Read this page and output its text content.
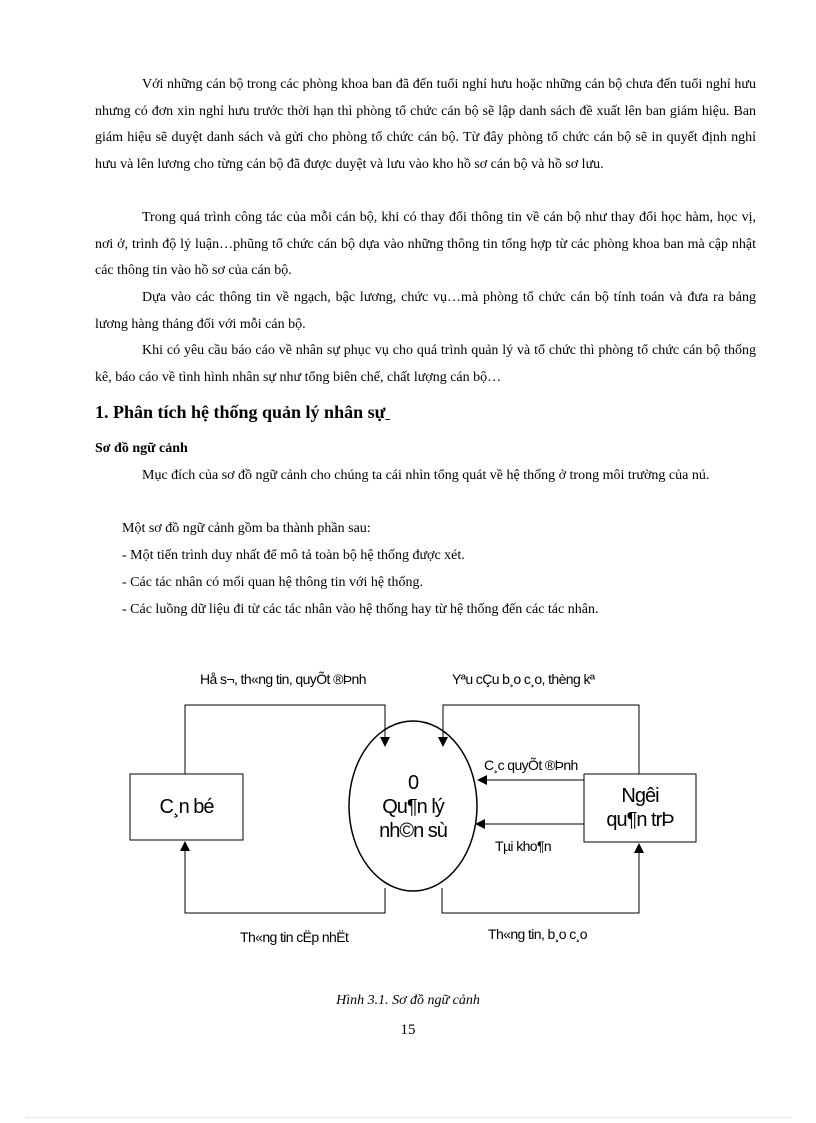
Với những cán bộ trong các phòng khoa ban đã đến tuổi nghỉ hưu hoặc những cán bộ chưa đến tuổi nghỉ hưu nhưng có đơn xin nghỉ hưu trước thời hạn thì phòng tổ chức cán bộ sẽ lập danh sách đề xuất lên ban giám hiệu. Ban giám hiệu sẽ duyệt danh sách và gửi cho phòng tổ chức cán bộ. Từ đây phòng tổ chức cán bộ sẽ in quyết định nghỉ hưu và lên lương cho từng cán bộ đã được duyệt và lưu vào kho hồ sơ cán bộ và hồ sơ lưu.

Trong quá trình công tác của mỗi cán bộ, khi có thay đổi thông tin về cán bộ như thay đổi học hàm, học vị, nơi ở, trình độ lý luận…phũng tổ chức cán bộ dựa vào những thông tin tổng hợp từ các phòng khoa ban mà cập nhật các thông tin vào hồ sơ của cán bộ.

Dựa vào các thông tin về ngạch, bậc lương, chức vụ…mà phòng tổ chức cán bộ tính toán và đưa ra bảng lương hàng tháng đối với mỗi cán bộ.

Khi có yêu cầu báo cáo về nhân sự phục vụ cho quá trình quản lý và tổ chức thì phòng tổ chức cán bộ thống kê, báo cáo về tình hình nhân sự như tổng biên chế, chất lượng cán bộ…

1. Phân tích hệ thống quản lý nhân sự

Sơ đồ ngữ cảnh

Mục đích của sơ đồ ngữ cảnh cho chúng ta cái nhìn tổng quát về hệ thống ở trong môi trường của nú.

Một sơ đồ ngữ cảnh gồm ba thành phần sau:

- Một tiến trình duy nhất để mô tả toàn bộ hệ thống được xét.

- Các tác nhân có mối quan hệ thông tin với hệ thống.

- Các luồng dữ liệu đi từ các tác nhân vào hệ thống hay từ hệ thống đến các tác nhân.

Hå s¬, th«ng tin, quyÕt ®Þnh	Yªu cÇu b¸o c¸o, thèng kª
C¸c quyÕt ®Þnh
Tµi kho¶n
Th«ng tin cËp nhËt	Th«ng tin, b¸o c¸o
C¸n bé	Ngêi
qu¶n trÞ
0
Qu¶n lý
nh©n sù

Hình 3.1. Sơ đồ ngữ cảnh

15
